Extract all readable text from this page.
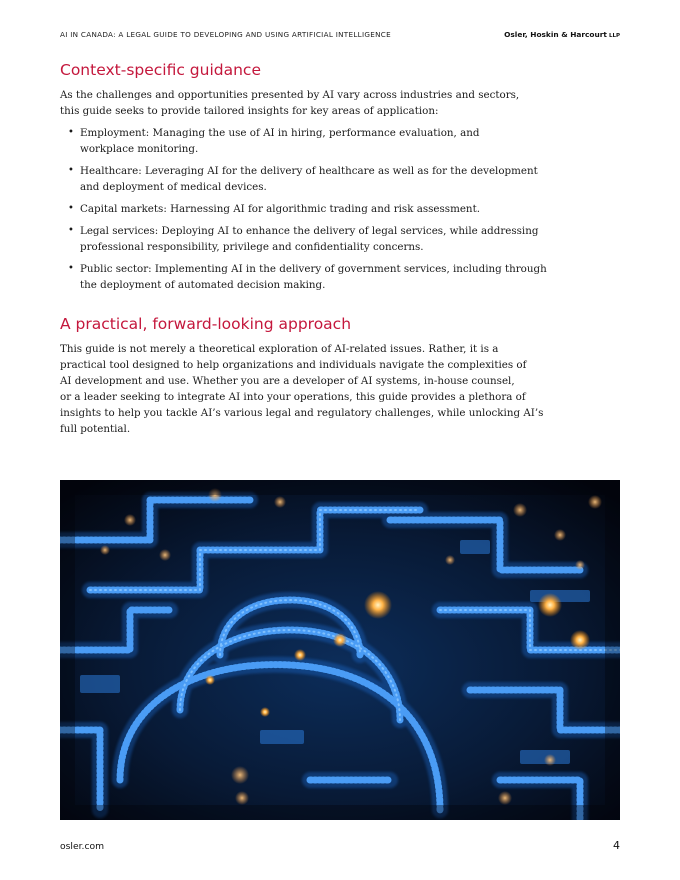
AI IN CANADA: A LEGAL GUIDE TO DEVELOPING AND USING ARTIFICIAL INTELLIGENCE	Osler, Hoskin & Harcourt LLP
Context-specific guidance
As the challenges and opportunities presented by AI vary across industries and sectors,
this guide seeks to provide tailored insights for key areas of application:
• Employment: Managing the use of AI in hiring, performance evaluation, and
workplace monitoring.
• Healthcare: Leveraging AI for the delivery of healthcare as well as for the development
and deployment of medical devices.
• Capital markets: Harnessing AI for algorithmic trading and risk assessment.
• Legal services: Deploying AI to enhance the delivery of legal services, while addressing
professional responsibility, privilege and confidentiality concerns.
• Public sector: Implementing AI in the delivery of government services, including through
the deployment of automated decision making.
A practical, forward-looking approach
This guide is not merely a theoretical exploration of AI-related issues. Rather, it is a
practical tool designed to help organizations and individuals navigate the complexities of
AI development and use. Whether you are a developer of AI systems, in-house counsel,
or a leader seeking to integrate AI into your operations, this guide provides a plethora of
insights to help you tackle AI’s various legal and regulatory challenges, while unlocking AI’s
full potential.
osler.com	4
